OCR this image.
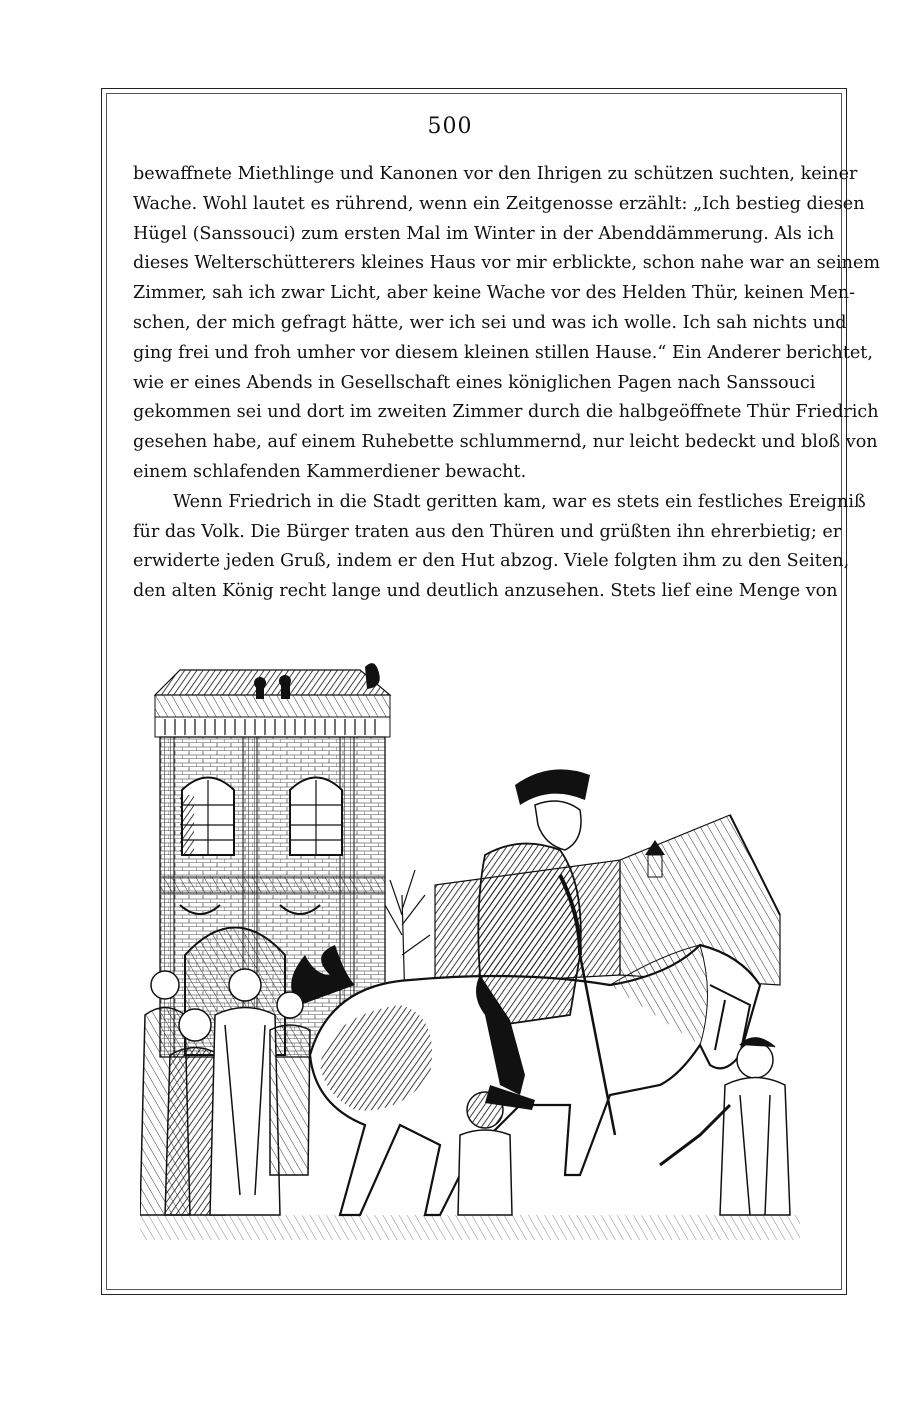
500
bewaffnete Miethlinge und Kanonen vor den Ihrigen zu schützen suchten, keiner
Wache. Wohl lautet es rührend, wenn ein Zeitgenosse erzählt: „Ich bestieg diesen
Hügel (Sanssouci) zum ersten Mal im Winter in der Abenddämmerung. Als ich
dieses Welterschütterers kleines Haus vor mir erblickte, schon nahe war an seinem
Zimmer, sah ich zwar Licht, aber keine Wache vor des Helden Thür, keinen Men-
schen, der mich gefragt hätte, wer ich sei und was ich wolle. Ich sah nichts und
ging frei und froh umher vor diesem kleinen stillen Hause.“ Ein Anderer berichtet,
wie er eines Abends in Gesellschaft eines königlichen Pagen nach Sanssouci
gekommen sei und dort im zweiten Zimmer durch die halbgeöffnete Thür Friedrich
gesehen habe, auf einem Ruhebette schlummernd, nur leicht bedeckt und bloß von
einem schlafenden Kammerdiener bewacht.
Wenn Friedrich in die Stadt geritten kam, war es stets ein festliches Ereigniß
für das Volk. Die Bürger traten aus den Thüren und grüßten ihn ehrerbietig; er
erwiderte jeden Gruß, indem er den Hut abzog. Viele folgten ihm zu den Seiten,
den alten König recht lange und deutlich anzusehen. Stets lief eine Menge von
